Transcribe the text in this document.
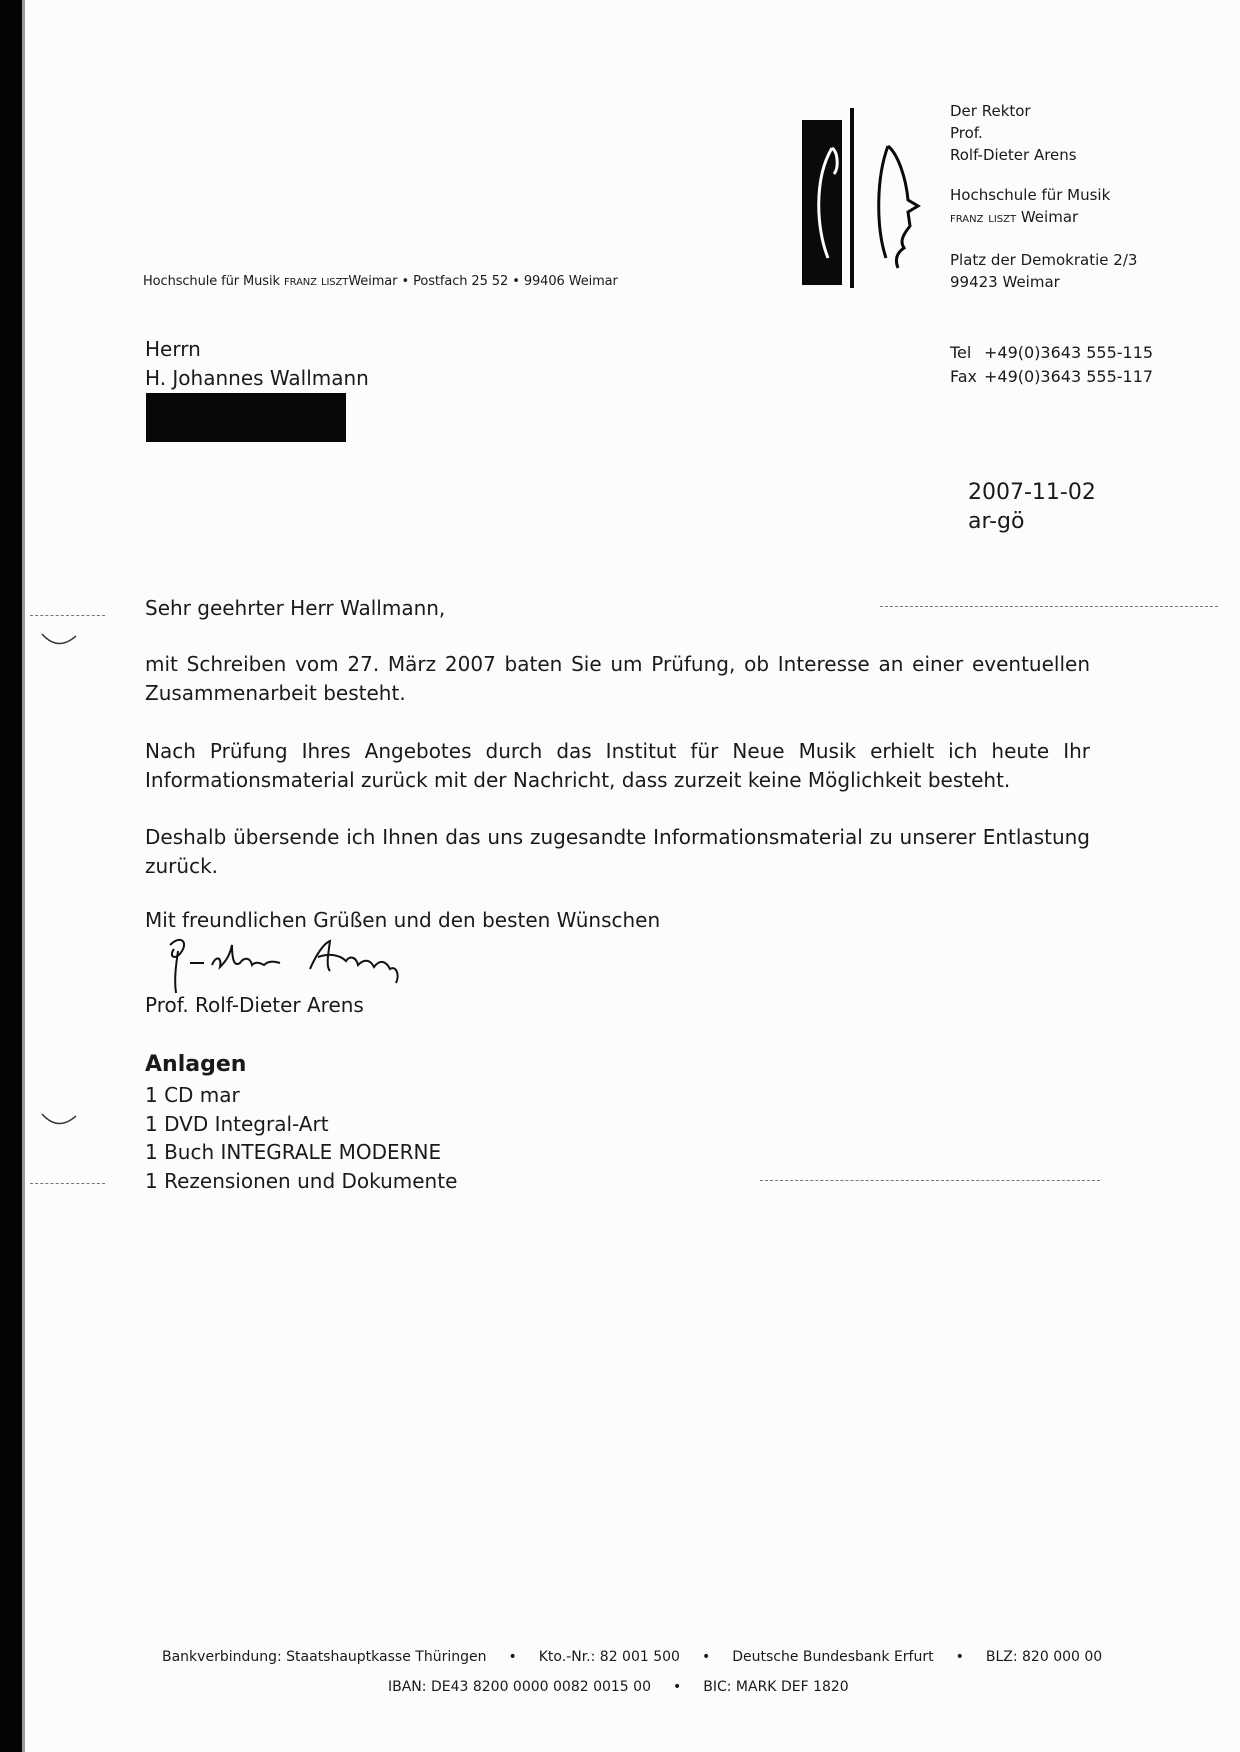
Hochschule für Musik FRANZ LISZTWeimar • Postfach 25 52 • 99406 Weimar
Herrn
H. Johannes Wallmann
Der Rektor
Prof.
Rolf-Dieter Arens
Hochschule für Musik
FRANZ LISZT Weimar
Platz der Demokratie 2/3
99423 Weimar
Tel +49(0)3643 555-115
Fax +49(0)3643 555-117
2007-11-02
ar-gö
Sehr geehrter Herr Wallmann,
mit Schreiben vom 27. März 2007 baten Sie um Prüfung, ob Interesse an einer eventuellen Zusammenarbeit besteht.
Nach Prüfung Ihres Angebotes durch das Institut für Neue Musik erhielt ich heute Ihr Informationsmaterial zurück mit der Nachricht, dass zurzeit keine Möglichkeit besteht.
Deshalb übersende ich Ihnen das uns zugesandte Informationsmaterial zu unserer Entlastung zurück.
Mit freundlichen Grüßen und den besten Wünschen
Prof. Rolf-Dieter Arens
Anlagen
1 CD mar
1 DVD Integral-Art
1 Buch INTEGRALE MODERNE
1 Rezensionen und Dokumente
Bankverbindung: Staatshauptkasse Thüringen • Kto.-Nr.: 82 001 500 • Deutsche Bundesbank Erfurt • BLZ: 820 000 00
IBAN: DE43 8200 0000 0082 0015 00 • BIC: MARK DEF 1820
